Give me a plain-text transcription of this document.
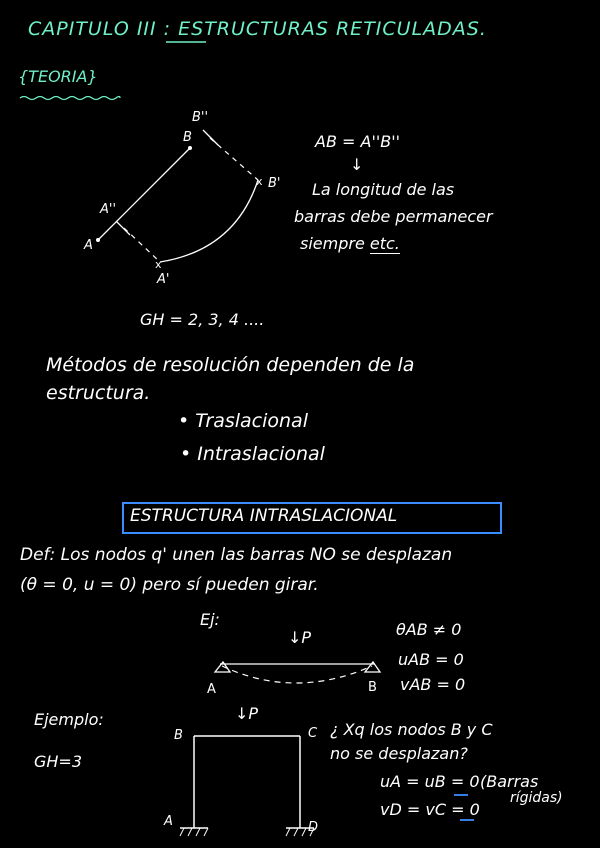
CAPITULO III : ESTRUCTURAS RETICULADAS.
{TEORIA}
x
x
B''
B
B'
A''
A
A'
AB = A''B''
↓
La longitud de las
barras debe permanecer
siempre etc.
GH = 2, 3, 4 ....
Métodos de resolución dependen de la
estructura.
• Traslacional
• Intraslacional
ESTRUCTURA INTRASLACIONAL
Def: Los nodos q' unen las barras NO se desplazan
(θ = 0, u = 0) pero sí pueden girar.
Ej:
↓P
A	B
θAB ≠ 0
uAB = 0
vAB = 0
Ejemplo:
GH=3
↓P
B	C
A	D
¿ Xq los nodos B y C
no se desplazan?
uA = uB = 0 (Barras
rígidas)
vD = vC = 0
